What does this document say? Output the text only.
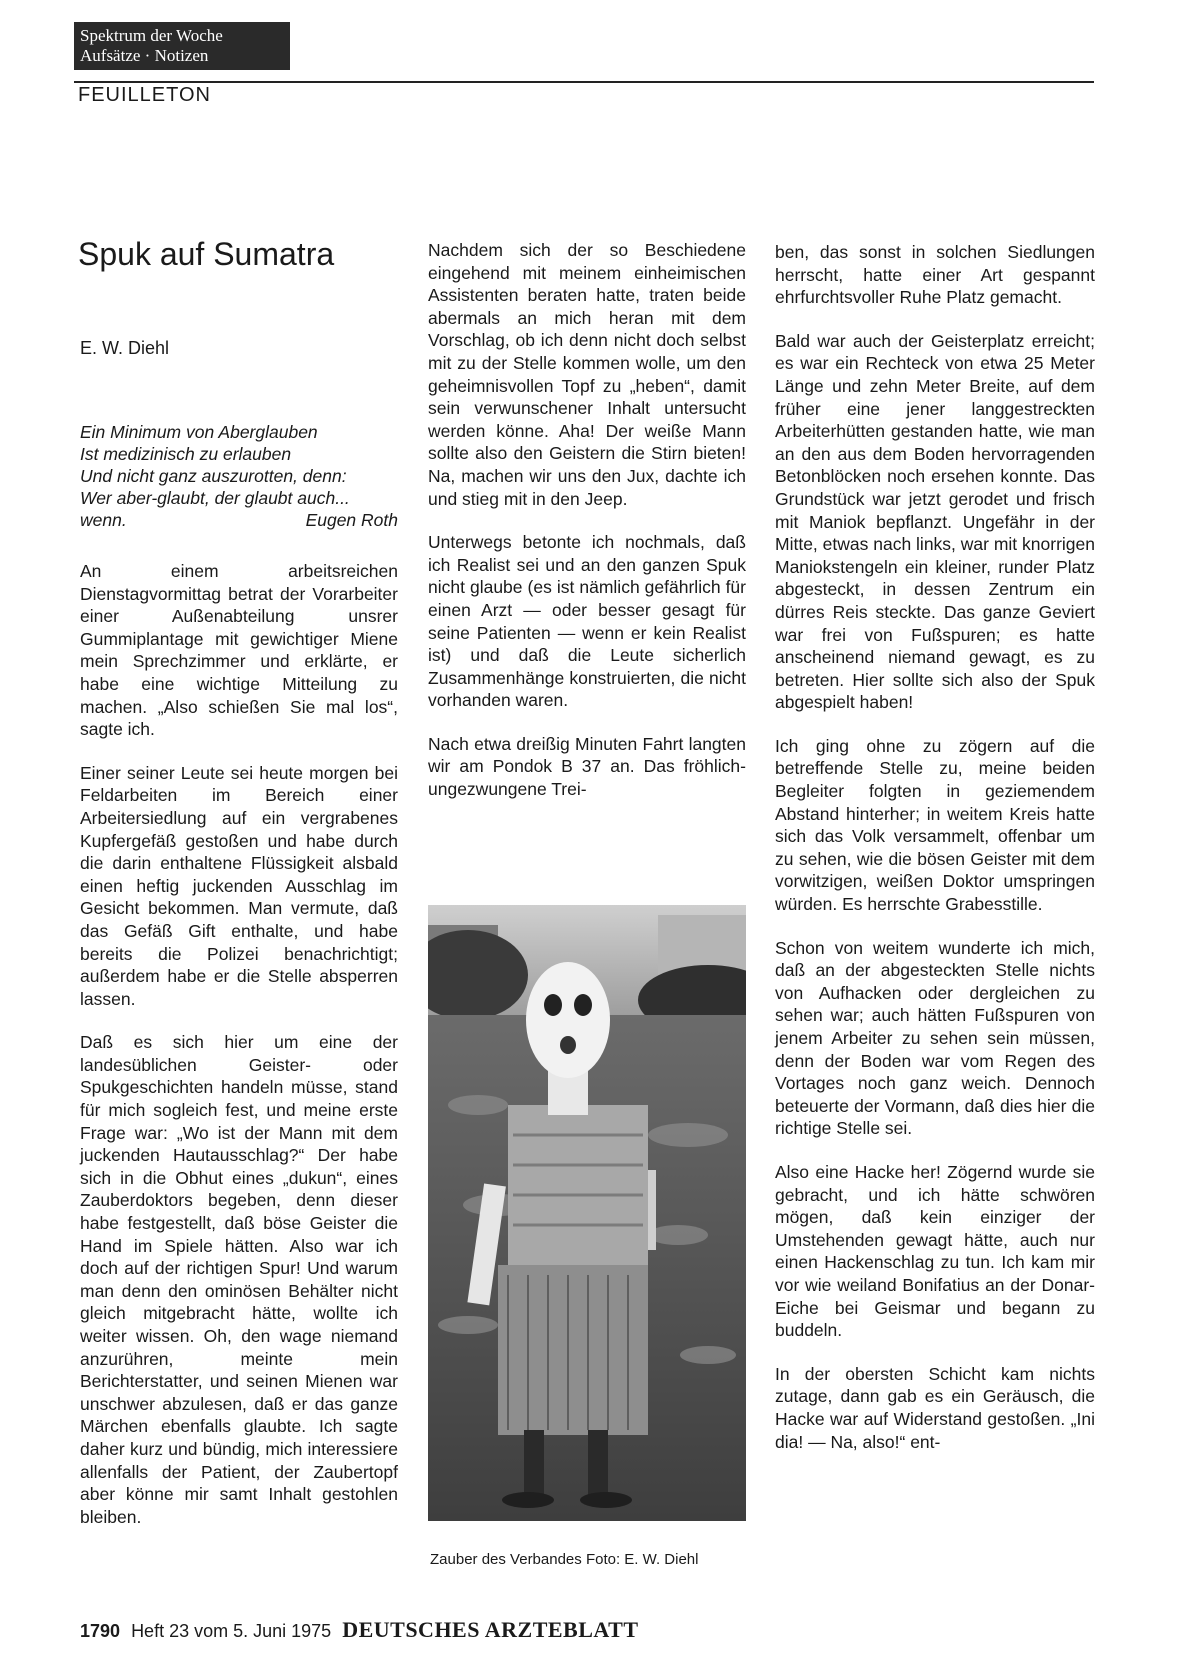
Spektrum der Woche
Aufsätze · Notizen
FEUILLETON
Spuk auf Sumatra
E. W. Diehl
Ein Minimum von Aberglauben
Ist medizinisch zu erlauben
Und nicht ganz auszurotten, denn:
Wer aber-glaubt, der glaubt auch...
wenn.	Eugen Roth

An einem arbeitsreichen Dienstagvormittag betrat der Vorarbeiter einer Außenabteilung unsrer Gummiplantage mit gewichtiger Miene mein Sprechzimmer und erklärte, er habe eine wichtige Mitteilung zu machen. „Also schießen Sie mal los“, sagte ich.

Einer seiner Leute sei heute morgen bei Feldarbeiten im Bereich einer Arbeitersiedlung auf ein vergrabenes Kupfergefäß gestoßen und habe durch die darin enthaltene Flüssigkeit alsbald einen heftig juckenden Ausschlag im Gesicht bekommen. Man vermute, daß das Gefäß Gift enthalte, und habe bereits die Polizei benachrichtigt; außerdem habe er die Stelle absperren lassen.

Daß es sich hier um eine der landesüblichen Geister- oder Spukgeschichten handeln müsse, stand für mich sogleich fest, und meine erste Frage war: „Wo ist der Mann mit dem juckenden Hautausschlag?“ Der habe sich in die Obhut eines „dukun“, eines Zauberdoktors begeben, denn dieser habe festgestellt, daß böse Geister die Hand im Spiele hätten. Also war ich doch auf der richtigen Spur! Und warum man denn den ominösen Behälter nicht gleich mitgebracht hätte, wollte ich weiter wissen. Oh, den wage niemand anzurühren, meinte mein Berichterstatter, und seinen Mienen war unschwer abzulesen, daß er das ganze Märchen ebenfalls glaubte. Ich sagte daher kurz und bündig, mich interessiere allenfalls der Patient, der Zaubertopf aber könne mir samt Inhalt gestohlen bleiben.

Nachdem sich der so Beschiedene eingehend mit meinem einheimischen Assistenten beraten hatte, traten beide abermals an mich heran mit dem Vorschlag, ob ich denn nicht doch selbst mit zu der Stelle kommen wolle, um den geheimnisvollen Topf zu „heben“, damit sein verwunschener Inhalt untersucht werden könne. Aha! Der weiße Mann sollte also den Geistern die Stirn bieten! Na, machen wir uns den Jux, dachte ich und stieg mit in den Jeep.

Unterwegs betonte ich nochmals, daß ich Realist sei und an den ganzen Spuk nicht glaube (es ist nämlich gefährlich für einen Arzt — oder besser gesagt für seine Patienten — wenn er kein Realist ist) und daß die Leute sicherlich Zusammenhänge konstruierten, die nicht vorhanden waren.

Nach etwa dreißig Minuten Fahrt langten wir am Pondok B 37 an. Das fröhlich-ungezwungene Trei-

Zauber des Verbandes Foto: E. W. Diehl

ben, das sonst in solchen Siedlungen herrscht, hatte einer Art gespannt ehrfurchtsvoller Ruhe Platz gemacht.

Bald war auch der Geisterplatz erreicht; es war ein Rechteck von etwa 25 Meter Länge und zehn Meter Breite, auf dem früher eine jener langgestreckten Arbeiterhütten gestanden hatte, wie man an den aus dem Boden hervorragenden Betonblöcken noch ersehen konnte. Das Grundstück war jetzt gerodet und frisch mit Maniok bepflanzt. Ungefähr in der Mitte, etwas nach links, war mit knorrigen Maniokstengeln ein kleiner, runder Platz abgesteckt, in dessen Zentrum ein dürres Reis steckte. Das ganze Geviert war frei von Fußspuren; es hatte anscheinend niemand gewagt, es zu betreten. Hier sollte sich also der Spuk abgespielt haben!

Ich ging ohne zu zögern auf die betreffende Stelle zu, meine beiden Begleiter folgten in geziemendem Abstand hinterher; in weitem Kreis hatte sich das Volk versammelt, offenbar um zu sehen, wie die bösen Geister mit dem vorwitzigen, weißen Doktor umspringen würden. Es herrschte Grabesstille.

Schon von weitem wunderte ich mich, daß an der abgesteckten Stelle nichts von Aufhacken oder dergleichen zu sehen war; auch hätten Fußspuren von jenem Arbeiter zu sehen sein müssen, denn der Boden war vom Regen des Vortages noch ganz weich. Dennoch beteuerte der Vormann, daß dies hier die richtige Stelle sei.

Also eine Hacke her! Zögernd wurde sie gebracht, und ich hätte schwören mögen, daß kein einziger der Umstehenden gewagt hätte, auch nur einen Hackenschlag zu tun. Ich kam mir vor wie weiland Bonifatius an der Donar-Eiche bei Geismar und begann zu buddeln.

In der obersten Schicht kam nichts zutage, dann gab es ein Geräusch, die Hacke war auf Widerstand gestoßen. „Ini dia! — Na, also!“ ent-

1790 Heft 23 vom 5. Juni 1975 DEUTSCHES ARZTEBLATT
